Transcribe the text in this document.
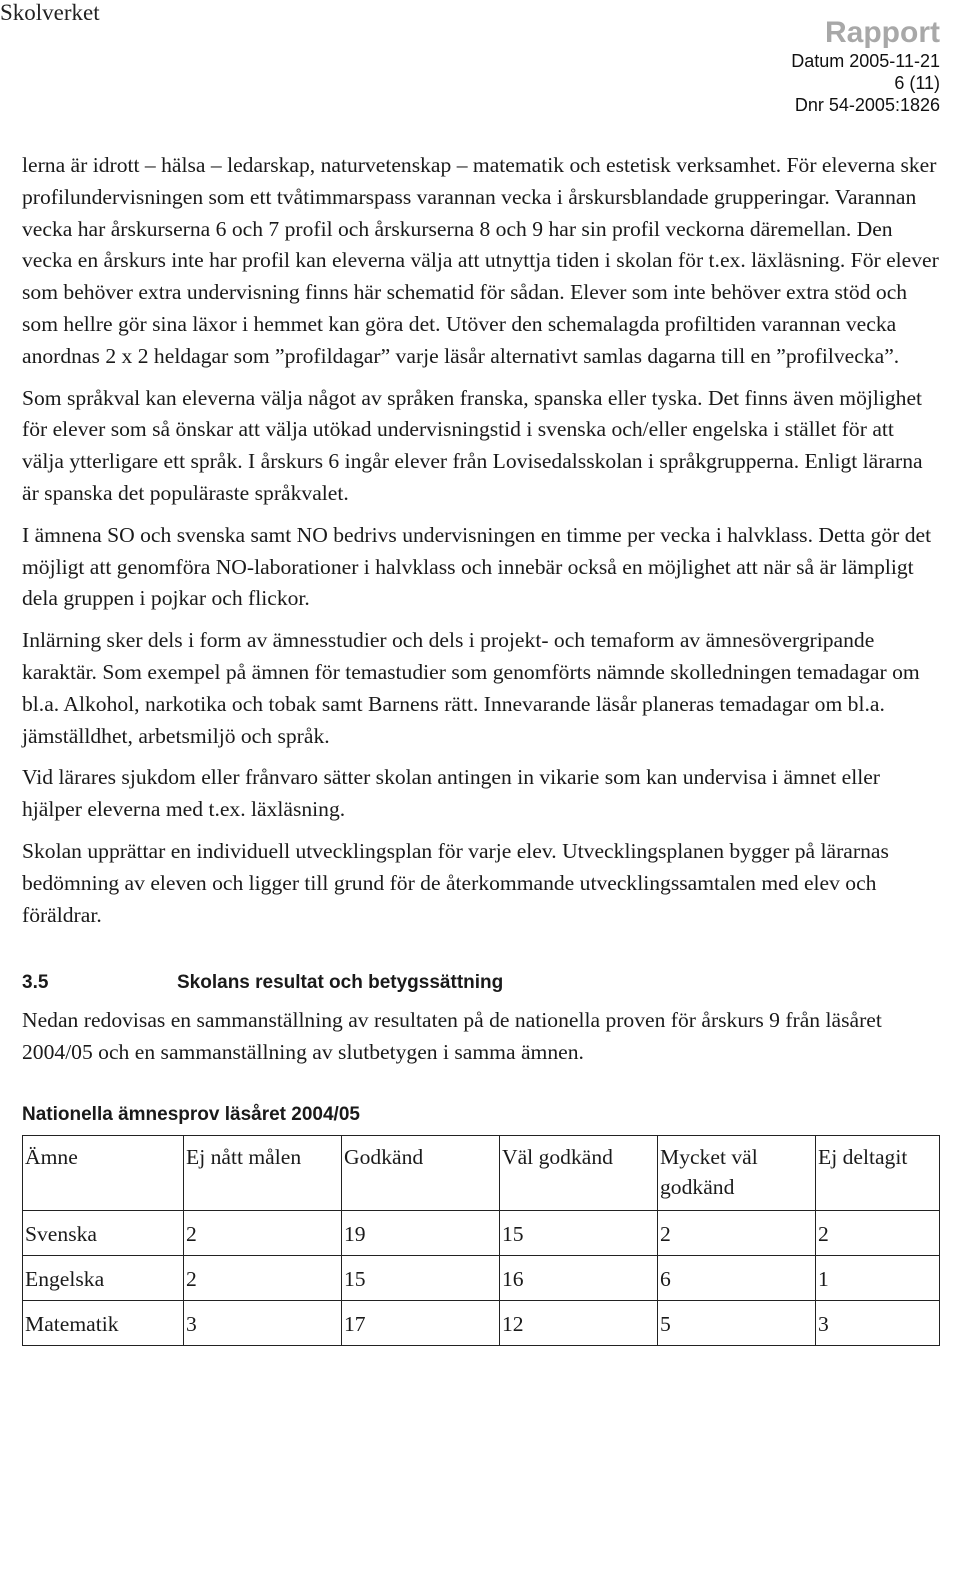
Skolverket
Rapport
Datum 2005-11-21
6 (11)
Dnr 54-2005:1826

lerna är idrott – hälsa – ledarskap, naturvetenskap – matematik och estetisk verksamhet. För eleverna sker profilundervisningen som ett tvåtimmarspass varannan vecka i årskursblandade grupperingar. Varannan vecka har årskurserna 6 och 7 profil och årskurserna 8 och 9 har sin profil veckorna däremellan. Den vecka en årskurs inte har profil kan eleverna välja att utnyttja tiden i skolan för t.ex. läxläsning. För elever som behöver extra undervisning finns här schematid för sådan. Elever som inte behöver extra stöd och som hellre gör sina läxor i hemmet kan göra det. Utöver den schemalagda profiltiden varannan vecka anordnas 2 x 2 heldagar som ”profildagar” varje läsår alternativt samlas dagarna till en ”profilvecka”.

Som språkval kan eleverna välja något av språken franska, spanska eller tyska. Det finns även möjlighet för elever som så önskar att välja utökad undervisningstid i svenska och/eller engelska i stället för att välja ytterligare ett språk. I årskurs 6 ingår elever från Lovisedalsskolan i språkgrupperna. Enligt lärarna är spanska det populäraste språkvalet.

I ämnena SO och svenska samt NO bedrivs undervisningen en timme per vecka i halvklass. Detta gör det möjligt att genomföra NO-laborationer i halvklass och innebär också en möjlighet att när så är lämpligt dela gruppen i pojkar och flickor.

Inlärning sker dels i form av ämnesstudier och dels i projekt- och temaform av ämnesövergripande karaktär. Som exempel på ämnen för temastudier som genomförts nämnde skolledningen temadagar om bl.a. Alkohol, narkotika och tobak samt Barnens rätt. Innevarande läsår planeras temadagar om bl.a. jämställdhet, arbetsmiljö och språk.

Vid lärares sjukdom eller frånvaro sätter skolan antingen in vikarie som kan undervisa i ämnet eller hjälper eleverna med t.ex. läxläsning.

Skolan upprättar en individuell utvecklingsplan för varje elev. Utvecklingsplanen bygger på lärarnas bedömning av eleven och ligger till grund för de återkommande utvecklingssamtalen med elev och föräldrar.

3.5	Skolans resultat och betygssättning

Nedan redovisas en sammanställning av resultaten på de nationella proven för årskurs 9 från läsåret 2004/05 och en sammanställning av slutbetygen i samma ämnen.

Nationella ämnesprov läsåret 2004/05
Ämne	Ej nått målen	Godkänd	Väl godkänd	Mycket väl godkänd	Ej deltagit
Svenska	2	19	15	2	2
Engelska	2	15	16	6	1
Matematik	3	17	12	5	3
